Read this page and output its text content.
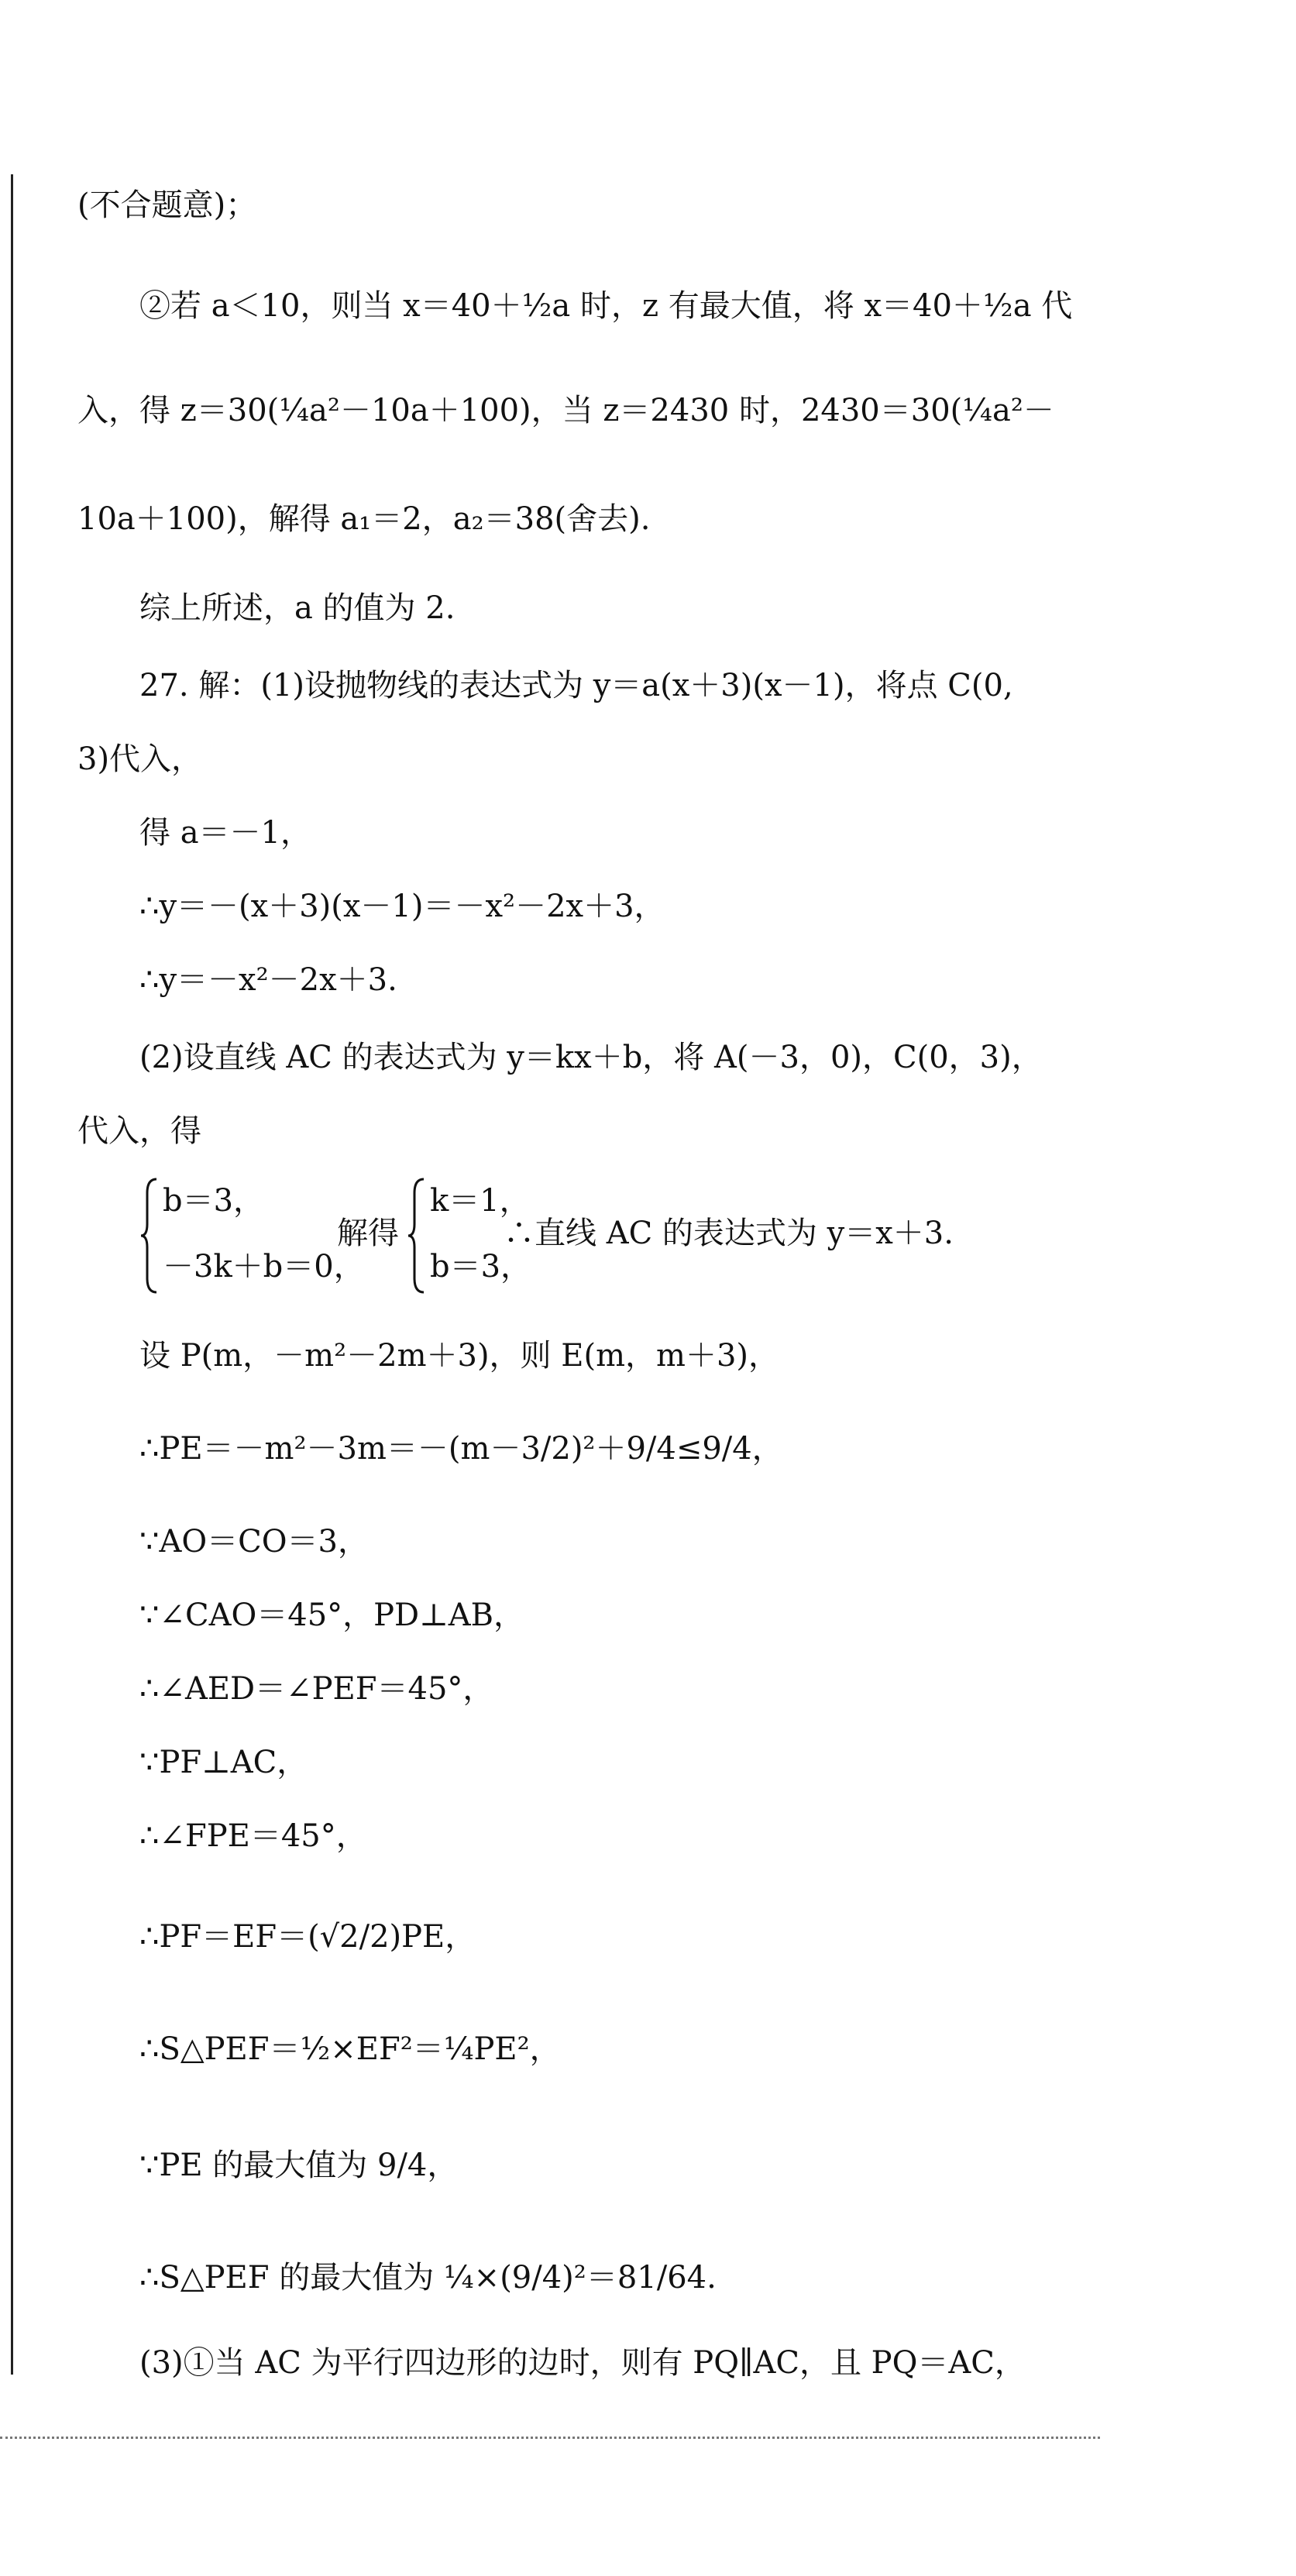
(不合题意)；
②若 a＜10，则当 x＝40＋½a 时，z 有最大值，将 x＝40＋½a 代
入，得 z＝30(¼a²－10a＋100)，当 z＝2430 时，2430＝30(¼a²－
10a＋100)，解得 a₁＝2，a₂＝38(舍去).
综上所述，a 的值为 2.
27. 解：(1)设抛物线的表达式为 y＝a(x＋3)(x－1)，将点 C(0,
3)代入，
得 a＝－1，
∴y＝－(x＋3)(x－1)＝－x²－2x＋3，
∴y＝－x²－2x＋3.
(2)设直线 AC 的表达式为 y＝kx＋b，将 A(－3，0)，C(0，3)，
代入，得
b＝3，
－3k＋b＝0，
解得
k＝1，
b＝3，
∴直线 AC 的表达式为 y＝x＋3.
设 P(m，－m²－2m＋3)，则 E(m，m＋3)，
∴PE＝－m²－3m＝－(m－3/2)²＋9/4≤9/4，
∵AO＝CO＝3，
∵∠CAO＝45°，PD⊥AB，
∴∠AED＝∠PEF＝45°，
∵PF⊥AC，
∴∠FPE＝45°，
∴PF＝EF＝(√2/2)PE，
∴S△PEF＝½×EF²＝¼PE²，
∵PE 的最大值为 9/4，
∴S△PEF 的最大值为 ¼×(9/4)²＝81/64.
(3)①当 AC 为平行四边形的边时，则有 PQ∥AC，且 PQ＝AC，
